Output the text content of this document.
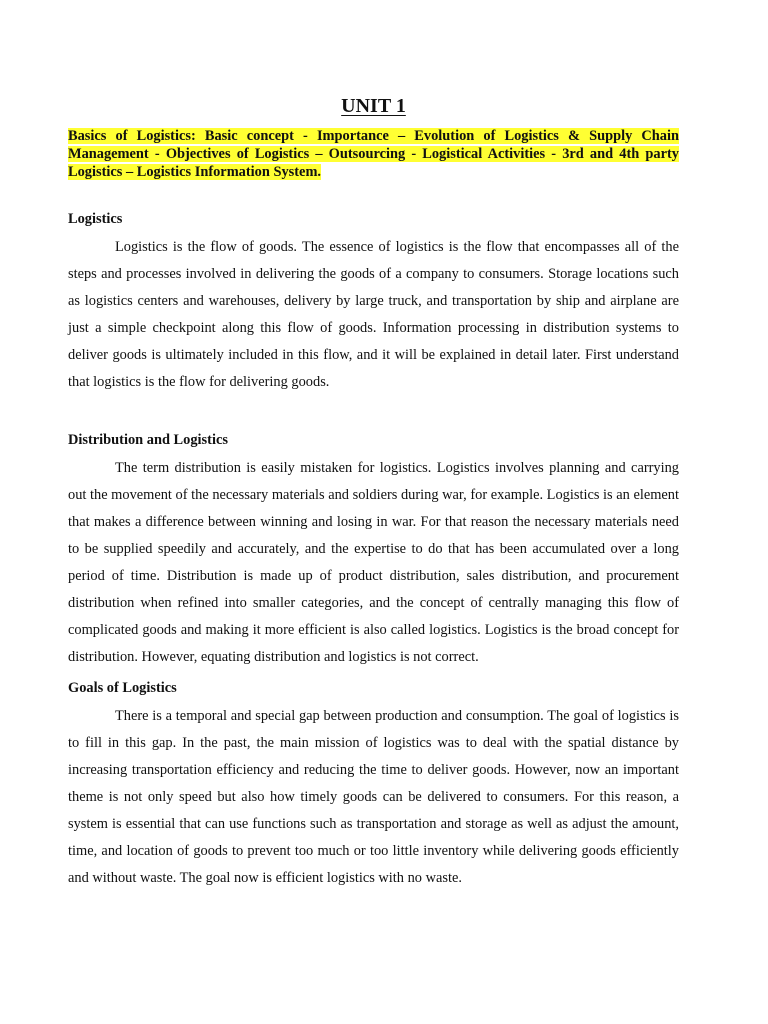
UNIT 1

Basics of Logistics: Basic concept - Importance – Evolution of Logistics & Supply Chain Management - Objectives of Logistics – Outsourcing - Logistical Activities - 3rd and 4th party Logistics – Logistics Information System.

Logistics

Logistics is the flow of goods. The essence of logistics is the flow that encompasses all of the steps and processes involved in delivering the goods of a company to consumers. Storage locations such as logistics centers and warehouses, delivery by large truck, and transportation by ship and airplane are just a simple checkpoint along this flow of goods. Information processing in distribution systems to deliver goods is ultimately included in this flow, and it will be explained in detail later. First understand that logistics is the flow for delivering goods.

Distribution and Logistics

The term distribution is easily mistaken for logistics. Logistics involves planning and carrying out the movement of the necessary materials and soldiers during war, for example. Logistics is an element that makes a difference between winning and losing in war. For that reason the necessary materials need to be supplied speedily and accurately, and the expertise to do that has been accumulated over a long period of time. Distribution is made up of product distribution, sales distribution, and procurement distribution when refined into smaller categories, and the concept of centrally managing this flow of complicated goods and making it more efficient is also called logistics. Logistics is the broad concept for distribution. However, equating distribution and logistics is not correct.

Goals of Logistics

There is a temporal and special gap between production and consumption. The goal of logistics is to fill in this gap. In the past, the main mission of logistics was to deal with the spatial distance by increasing transportation efficiency and reducing the time to deliver goods. However, now an important theme is not only speed but also how timely goods can be delivered to consumers. For this reason, a system is essential that can use functions such as transportation and storage as well as adjust the amount, time, and location of goods to prevent too much or too little inventory while delivering goods efficiently and without waste. The goal now is efficient logistics with no waste.
